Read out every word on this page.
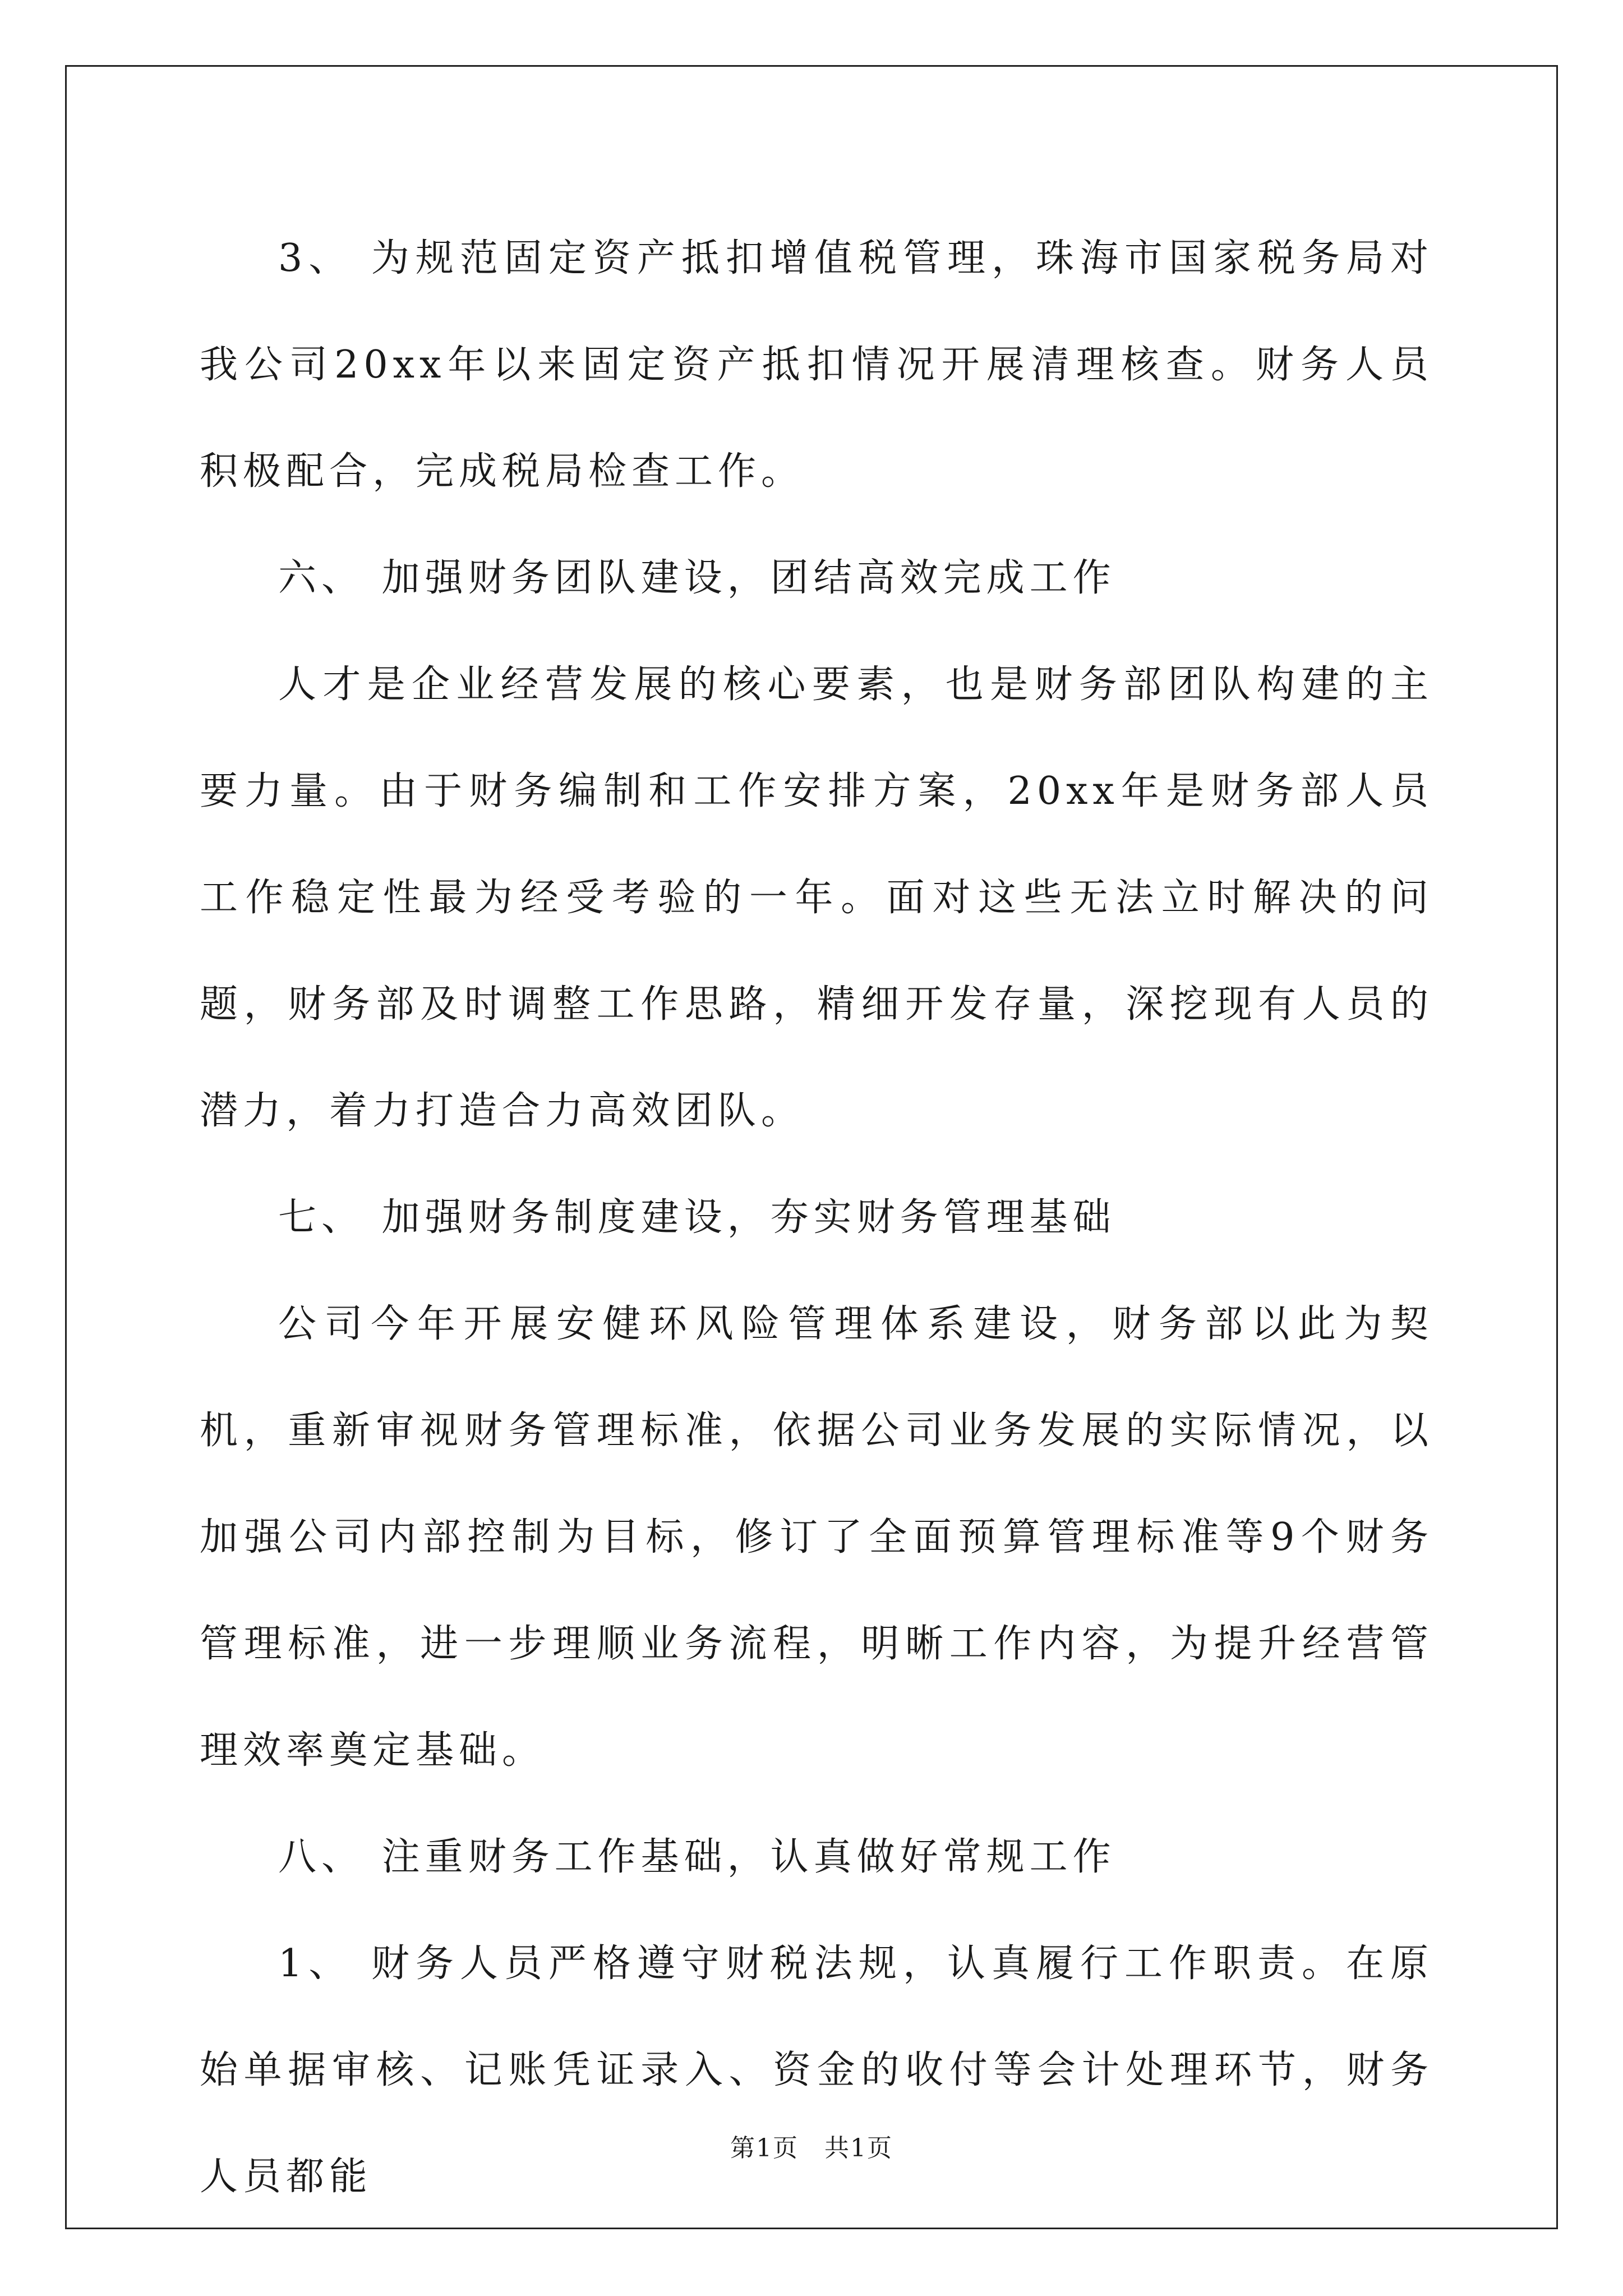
3、 为规范固定资产抵扣增值税管理，珠海市国家税务局对我公司20xx年以来固定资产抵扣情况开展清理核查。财务人员积极配合，完成税局检查工作。

六、 加强财务团队建设，团结高效完成工作

人才是企业经营发展的核心要素，也是财务部团队构建的主要力量。由于财务编制和工作安排方案，20xx年是财务部人员工作稳定性最为经受考验的一年。面对这些无法立时解决的问题，财务部及时调整工作思路，精细开发存量，深挖现有人员的潜力，着力打造合力高效团队。

七、 加强财务制度建设，夯实财务管理基础

公司今年开展安健环风险管理体系建设，财务部以此为契机，重新审视财务管理标准，依据公司业务发展的实际情况，以加强公司内部控制为目标，修订了全面预算管理标准等9个财务管理标准，进一步理顺业务流程，明晰工作内容，为提升经营管理效率奠定基础。

八、 注重财务工作基础，认真做好常规工作

1、 财务人员严格遵守财税法规，认真履行工作职责。在原始单据审核、记账凭证录入、资金的收付等会计处理环节，财务人员都能

第1页 共1页
